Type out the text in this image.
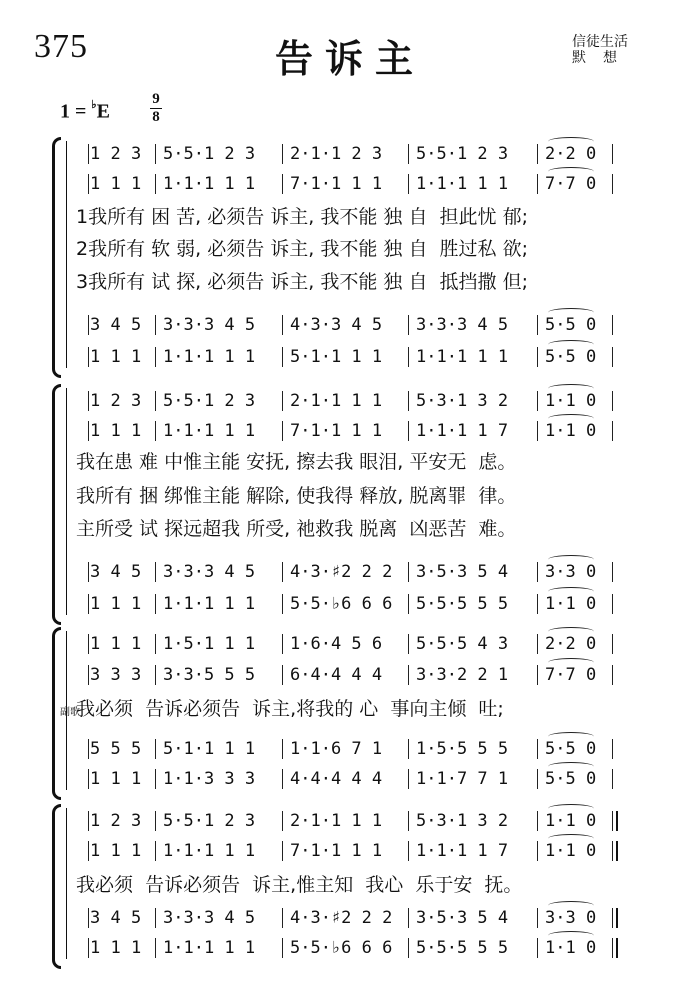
375	告诉主	信徒生活
默想
1 = ♭E
9
8
1 2 3 5·5·1 2 3 2·1·1 2 3 5·5·1 2 3 2·2 0
1 1 1 1·1·1 1 1 7·1·1 1 1 1·1·1 1 1 7·7 0
1我所有 困 苦, 必须告 诉主, 我不能 独 自  担此忧 郁;
2我所有 软 弱, 必须告 诉主, 我不能 独 自  胜过私 欲;
3我所有 试 探, 必须告 诉主, 我不能 独 自  抵挡撒 但;
3 4 5 3·3·3 4 5 4·3·3 4 5 3·3·3 4 5 5·5 0
1 1 1 1·1·1 1 1 5·1·1 1 1 1·1·1 1 1 5·5 0
1 2 3 5·5·1 2 3 2·1·1 1 1 5·3·1 3 2 1·1 0
1 1 1 1·1·1 1 1 7·1·1 1 1 1·1·1 1 7 1·1 0
我在患 难 中惟主能 安抚, 擦去我 眼泪, 平安无  虑。
我所有 捆 绑惟主能 解除, 使我得 释放, 脱离罪  律。
主所受 试 探远超我 所受, 祂救我 脱离  凶恶苦  难。
3 4 5 3·3·3 4 5 4·3·♯2 2 2 3·5·3 5 4 3·3 0
1 1 1 1·1·1 1 1 5·5·♭6 6 6 5·5·5 5 5 1·1 0
1 1 1 1·5·1 1 1 1·6·4 5 6 5·5·5 4 3 2·2 0
3 3 3 3·3·5 5 5 6·4·4 4 4 3·3·2 2 1 7·7 0
我必须  告诉必须告  诉主,将我的 心  事向主倾  吐;
5 5 5 5·1·1 1 1 1·1·6 7 1 1·5·5 5 5 5·5 0
1 1 1 1·1·3 3 3 4·4·4 4 4 1·1·7 7 1 5·5 0
1 2 3 5·5·1 2 3 2·1·1 1 1 5·3·1 3 2 1·1 0
1 1 1 1·1·1 1 1 7·1·1 1 1 1·1·1 1 7 1·1 0
我必须  告诉必须告  诉主,惟主知  我心  乐于安  抚。
3 4 5 3·3·3 4 5 4·3·♯2 2 2 3·5·3 5 4 3·3 0
1 1 1 1·1·1 1 1 5·5·♭6 6 6 5·5·5 5 5 1·1 0
副歌
